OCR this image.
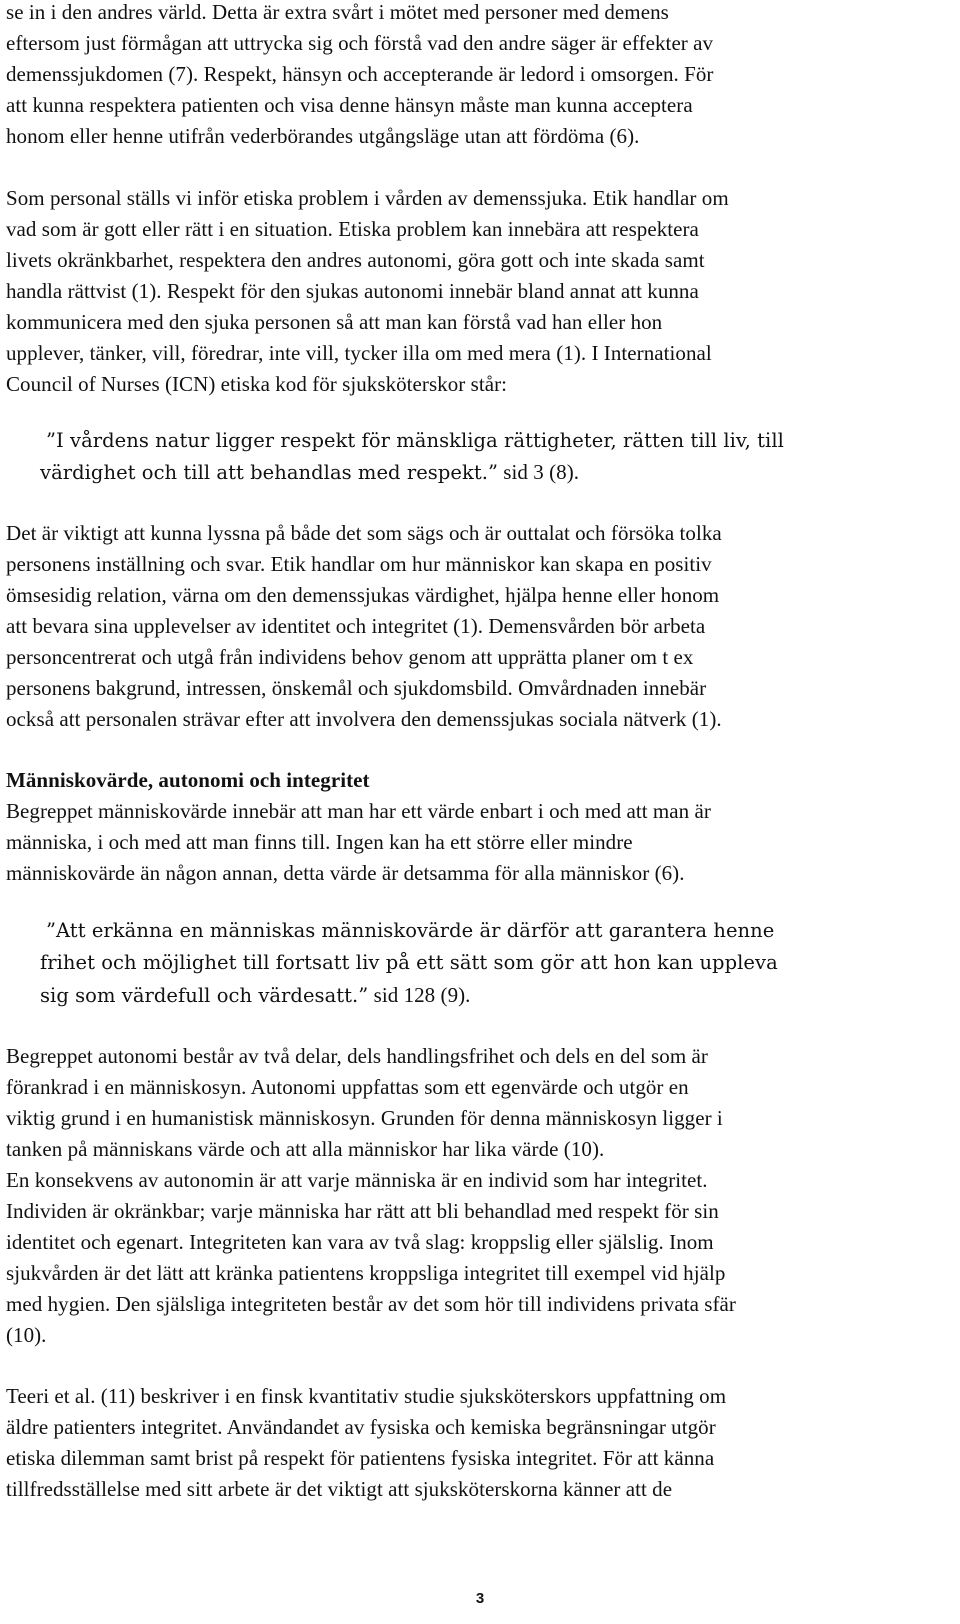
se in i den andres värld. Detta är extra svårt i mötet med personer med demens
eftersom just förmågan att uttrycka sig och förstå vad den andre säger är effekter av
demenssjukdomen (7). Respekt, hänsyn och accepterande är ledord i omsorgen. För
att kunna respektera patienten och visa denne hänsyn måste man kunna acceptera
honom eller henne utifrån vederbörandes utgångsläge utan att fördöma (6).
Som personal ställs vi inför etiska problem i vården av demenssjuka. Etik handlar om
vad som är gott eller rätt i en situation. Etiska problem kan innebära att respektera
livets okränkbarhet, respektera den andres autonomi, göra gott och inte skada samt
handla rättvist (1). Respekt för den sjukas autonomi innebär bland annat att kunna
kommunicera med den sjuka personen så att man kan förstå vad han eller hon
upplever, tänker, vill, föredrar, inte vill, tycker illa om med mera (1). I International
Council of Nurses (ICN) etiska kod för sjuksköterskor står:
”I vårdens natur ligger respekt för mänskliga rättigheter, rätten till liv, till
värdighet och till att behandlas med respekt.” sid 3 (8).
Det är viktigt att kunna lyssna på både det som sägs och är outtalat och försöka tolka
personens inställning och svar. Etik handlar om hur människor kan skapa en positiv
ömsesidig relation, värna om den demenssjukas värdighet, hjälpa henne eller honom
att bevara sina upplevelser av identitet och integritet (1). Demensvården bör arbeta
personcentrerat och utgå från individens behov genom att upprätta planer om t ex
personens bakgrund, intressen, önskemål och sjukdomsbild. Omvårdnaden innebär
också att personalen strävar efter att involvera den demenssjukas sociala nätverk (1).
Människovärde, autonomi och integritet
Begreppet människovärde innebär att man har ett värde enbart i och med att man är
människa, i och med att man finns till. Ingen kan ha ett större eller mindre
människovärde än någon annan, detta värde är detsamma för alla människor (6).
”Att erkänna en människas människovärde är därför att garantera henne
frihet och möjlighet till fortsatt liv på ett sätt som gör att hon kan uppleva
sig som värdefull och värdesatt.” sid 128 (9).
Begreppet autonomi består av två delar, dels handlingsfrihet och dels en del som är
förankrad i en människosyn. Autonomi uppfattas som ett egenvärde och utgör en
viktig grund i en humanistisk människosyn. Grunden för denna människosyn ligger i
tanken på människans värde och att alla människor har lika värde (10).
En konsekvens av autonomin är att varje människa är en individ som har integritet.
Individen är okränkbar; varje människa har rätt att bli behandlad med respekt för sin
identitet och egenart. Integriteten kan vara av två slag: kroppslig eller själslig. Inom
sjukvården är det lätt att kränka patientens kroppsliga integritet till exempel vid hjälp
med hygien. Den själsliga integriteten består av det som hör till individens privata sfär
(10).
Teeri et al. (11) beskriver i en finsk kvantitativ studie sjuksköterskors uppfattning om
äldre patienters integritet. Användandet av fysiska och kemiska begränsningar utgör
etiska dilemman samt brist på respekt för patientens fysiska integritet. För att känna
tillfredsställelse med sitt arbete är det viktigt att sjuksköterskorna känner att de
3
